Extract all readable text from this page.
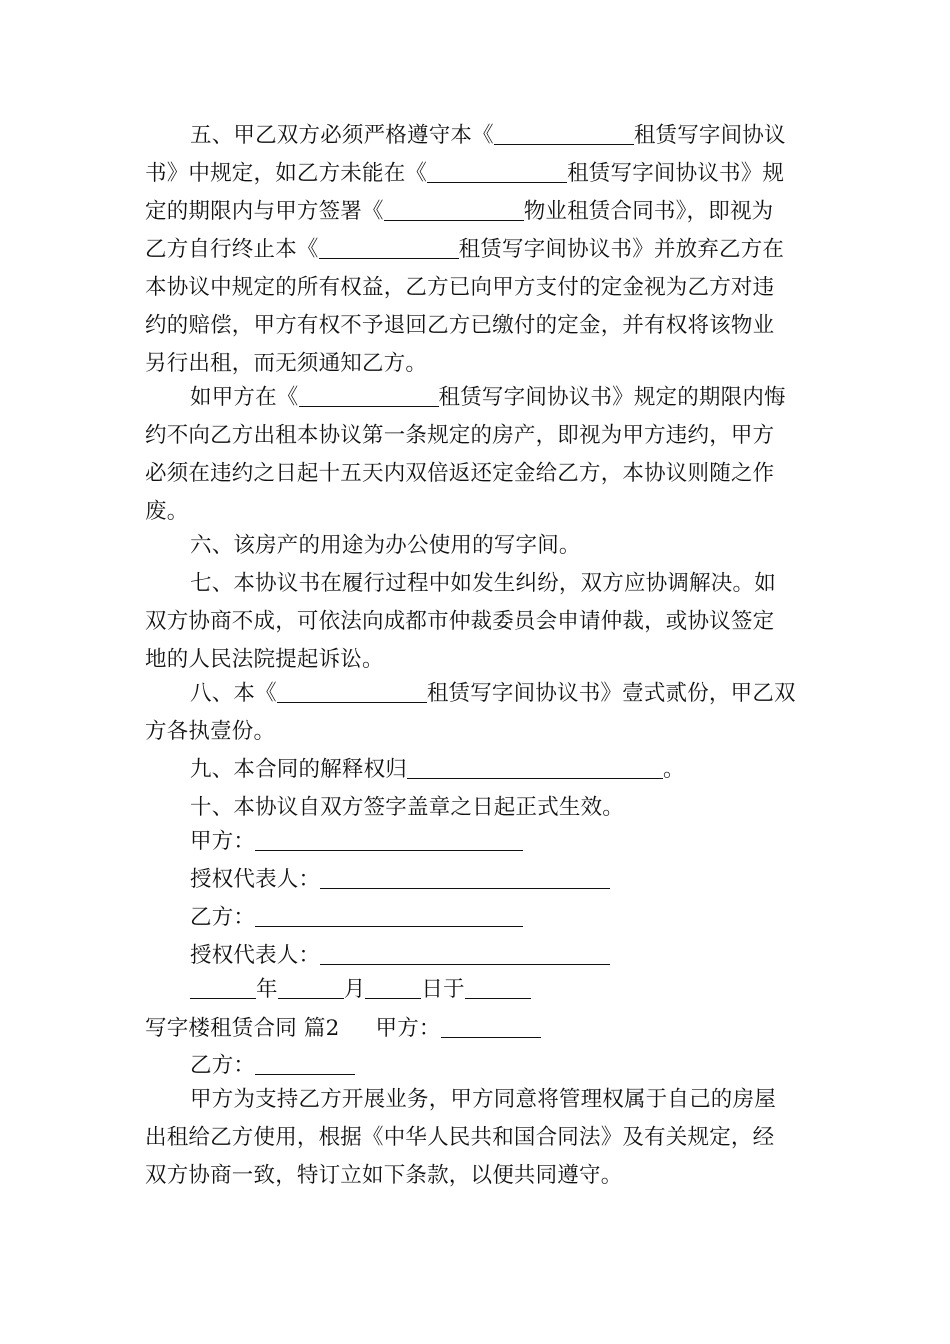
五、甲乙双方必须严格遵守本《	租赁写字间协议
书》中规定，如乙方未能在《	租赁写字间协议书》规
定的期限内与甲方签署《	物业租赁合同书》，即视为
乙方自行终止本《	租赁写字间协议书》并放弃乙方在
本协议中规定的所有权益，乙方已向甲方支付的定金视为乙方对违
约的赔偿，甲方有权不予退回乙方已缴付的定金，并有权将该物业
另行出租，而无须通知乙方。
如甲方在《	租赁写字间协议书》规定的期限内悔
约不向乙方出租本协议第一条规定的房产，即视为甲方违约，甲方
必须在违约之日起十五天内双倍返还定金给乙方，本协议则随之作
废。
六、该房产的用途为办公使用的写字间。
七、本协议书在履行过程中如发生纠纷，双方应协调解决。如
双方协商不成，可依法向成都市仲裁委员会申请仲裁，或协议签定
地的人民法院提起诉讼。
八、本《	租赁写字间协议书》壹式贰份，甲乙双
方各执壹份。
九、本合同的解释权归	。
十、本协议自双方签字盖章之日起正式生效。
甲方：
授权代表人：
乙方：
授权代表人：
年	月	日于
写字楼租赁合同 篇2 甲方：
乙方：
甲方为支持乙方开展业务，甲方同意将管理权属于自己的房屋
出租给乙方使用，根据《中华人民共和国合同法》及有关规定，经
双方协商一致，特订立如下条款，以便共同遵守。
